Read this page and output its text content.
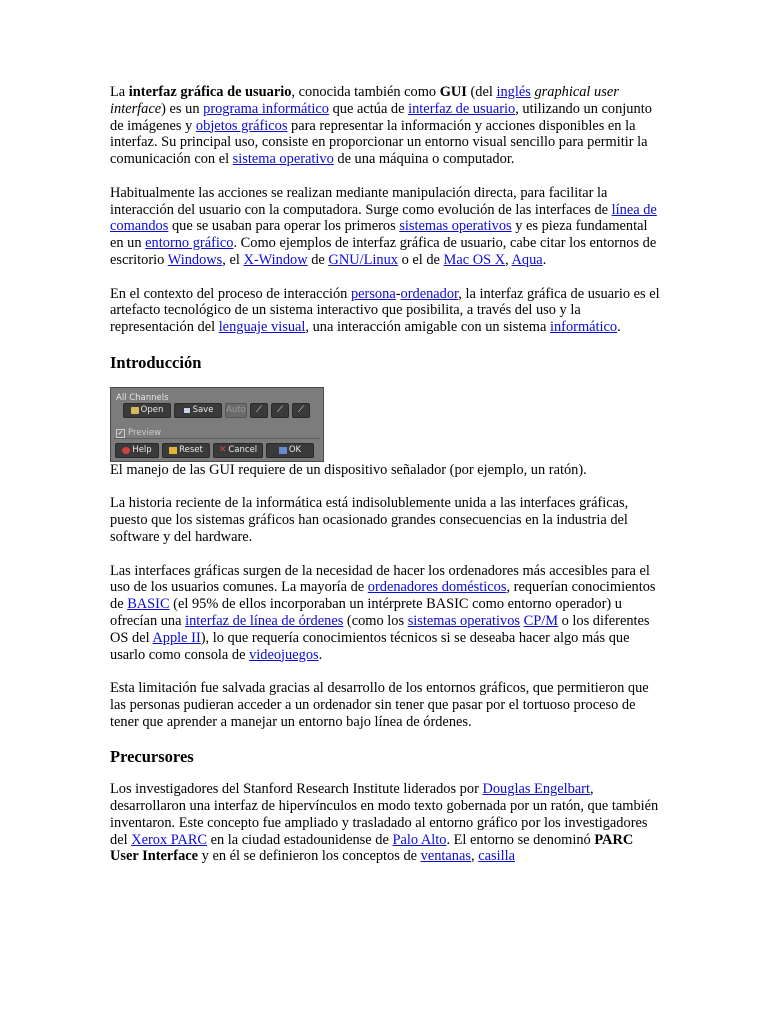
La interfaz gráfica de usuario, conocida también como GUI (del inglés graphical user interface) es un programa informático que actúa de interfaz de usuario, utilizando un conjunto de imágenes y objetos gráficos para representar la información y acciones disponibles en la interfaz. Su principal uso, consiste en proporcionar un entorno visual sencillo para permitir la comunicación con el sistema operativo de una máquina o computador.

Habitualmente las acciones se realizan mediante manipulación directa, para facilitar la interacción del usuario con la computadora. Surge como evolución de las interfaces de línea de comandos que se usaban para operar los primeros sistemas operativos y es pieza fundamental en un entorno gráfico. Como ejemplos de interfaz gráfica de usuario, cabe citar los entornos de escritorio Windows, el X-Window de GNU/Linux o el de Mac OS X, Aqua.

En el contexto del proceso de interacción persona-ordenador, la interfaz gráfica de usuario es el artefacto tecnológico de un sistema interactivo que posibilita, a través del uso y la representación del lenguaje visual, una interacción amigable con un sistema informático.

Introducción
All Channels
Open	Save Auto ⟋ ⟋ ⟋
✓ Preview
Help	Reset ✕ Cancel	OK

El manejo de las GUI requiere de un dispositivo señalador (por ejemplo, un ratón).

La historia reciente de la informática está indisolublemente unida a las interfaces gráficas, puesto que los sistemas gráficos han ocasionado grandes consecuencias en la industria del software y del hardware.

Las interfaces gráficas surgen de la necesidad de hacer los ordenadores más accesibles para el uso de los usuarios comunes. La mayoría de ordenadores domésticos, requerían conocimientos de BASIC (el 95% de ellos incorporaban un intérprete BASIC como entorno operador) u ofrecían una interfaz de línea de órdenes (como los sistemas operativos CP/M o los diferentes OS del Apple II), lo que requería conocimientos técnicos si se deseaba hacer algo más que usarlo como consola de videojuegos.

Esta limitación fue salvada gracias al desarrollo de los entornos gráficos, que permitieron que las personas pudieran acceder a un ordenador sin tener que pasar por el tortuoso proceso de tener que aprender a manejar un entorno bajo línea de órdenes.

Precursores

Los investigadores del Stanford Research Institute liderados por Douglas Engelbart, desarrollaron una interfaz de hipervínculos en modo texto gobernada por un ratón, que también inventaron. Este concepto fue ampliado y trasladado al entorno gráfico por los investigadores del Xerox PARC en la ciudad estadounidense de Palo Alto. El entorno se denominó PARC User Interface y en él se definieron los conceptos de ventanas, casilla
